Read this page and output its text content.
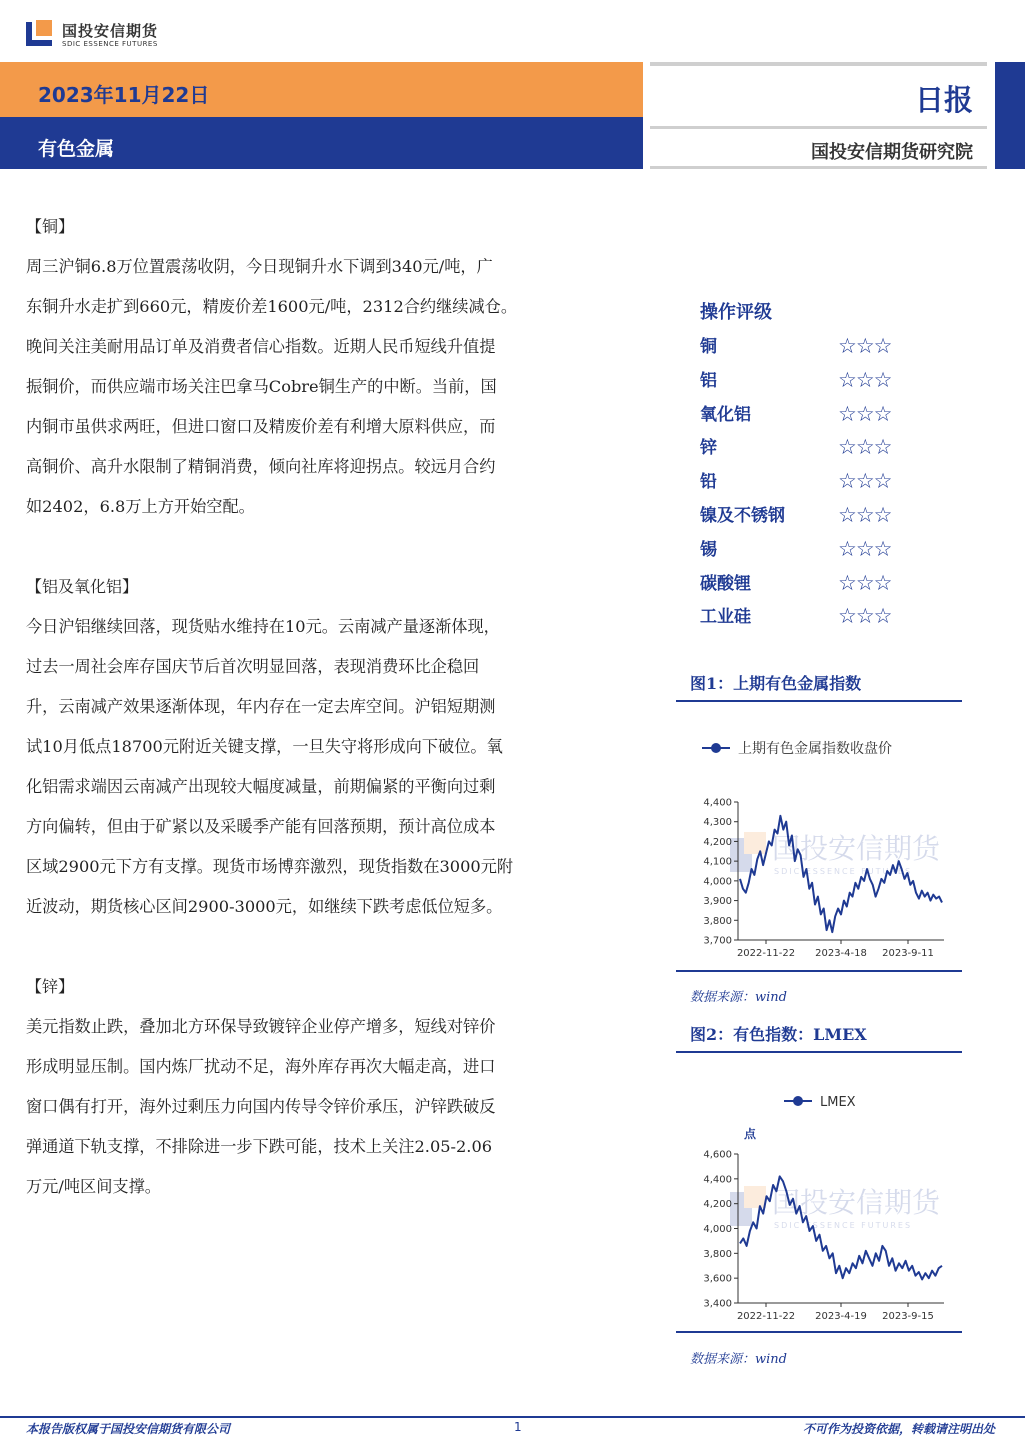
国投安信期货
SDIC ESSENCE FUTURES
2023年11月22日
有色金属
日报
国投安信期货研究院
【铜】
周三沪铜6.8万位置震荡收阴，今日现铜升水下调到340元/吨，广
东铜升水走扩到660元，精废价差1600元/吨，2312合约继续减仓。
晚间关注美耐用品订单及消费者信心指数。近期人民币短线升值提
振铜价，而供应端市场关注巴拿马Cobre铜生产的中断。当前，国
内铜市虽供求两旺，但进口窗口及精废价差有利增大原料供应，而
高铜价、高升水限制了精铜消费，倾向社库将迎拐点。较远月合约
如2402，6.8万上方开始空配。
【铝及氧化铝】
今日沪铝继续回落，现货贴水维持在10元。云南减产量逐渐体现，
过去一周社会库存国庆节后首次明显回落，表现消费环比企稳回
升，云南减产效果逐渐体现，年内存在一定去库空间。沪铝短期测
试10月低点18700元附近关键支撑，一旦失守将形成向下破位。氧
化铝需求端因云南减产出现较大幅度减量，前期偏紧的平衡向过剩
方向偏转，但由于矿紧以及采暖季产能有回落预期，预计高位成本
区域2900元下方有支撑。现货市场博弈激烈，现货指数在3000元附
近波动，期货核心区间2900-3000元，如继续下跌考虑低位短多。
【锌】
美元指数止跌，叠加北方环保导致镀锌企业停产增多，短线对锌价
形成明显压制。国内炼厂扰动不足，海外库存再次大幅走高，进口
窗口偶有打开，海外过剩压力向国内传导令锌价承压，沪锌跌破反
弹通道下轨支撑，不排除进一步下跌可能，技术上关注2.05-2.06
万元/吨区间支撑。
操作评级
铜	☆☆☆
铝	☆☆☆
氧化铝	☆☆☆
锌	☆☆☆
铅	☆☆☆
镍及不锈钢	☆☆☆
锡	☆☆☆
碳酸锂	☆☆☆
工业硅	☆☆☆
图1：上期有色金属指数
上期有色金属指数收盘价
国投安信期货
SDIC ESSENCE FUTURES
4,400
4,300
4,200
4,100
4,000
3,900
3,800
3,700
2022-11-22 2023-4-18 2023-9-11
数据来源：wind
图2：有色指数：LMEX
LMEX
点
国投安信期货
SDIC ESSENCE FUTURES
4,600
4,400
4,200
4,000
3,800
3,600
3,400
2022-11-22 2023-4-19 2023-9-15
数据来源：wind
本报告版权属于国投安信期货有限公司	1	不可作为投资依据，转载请注明出处
